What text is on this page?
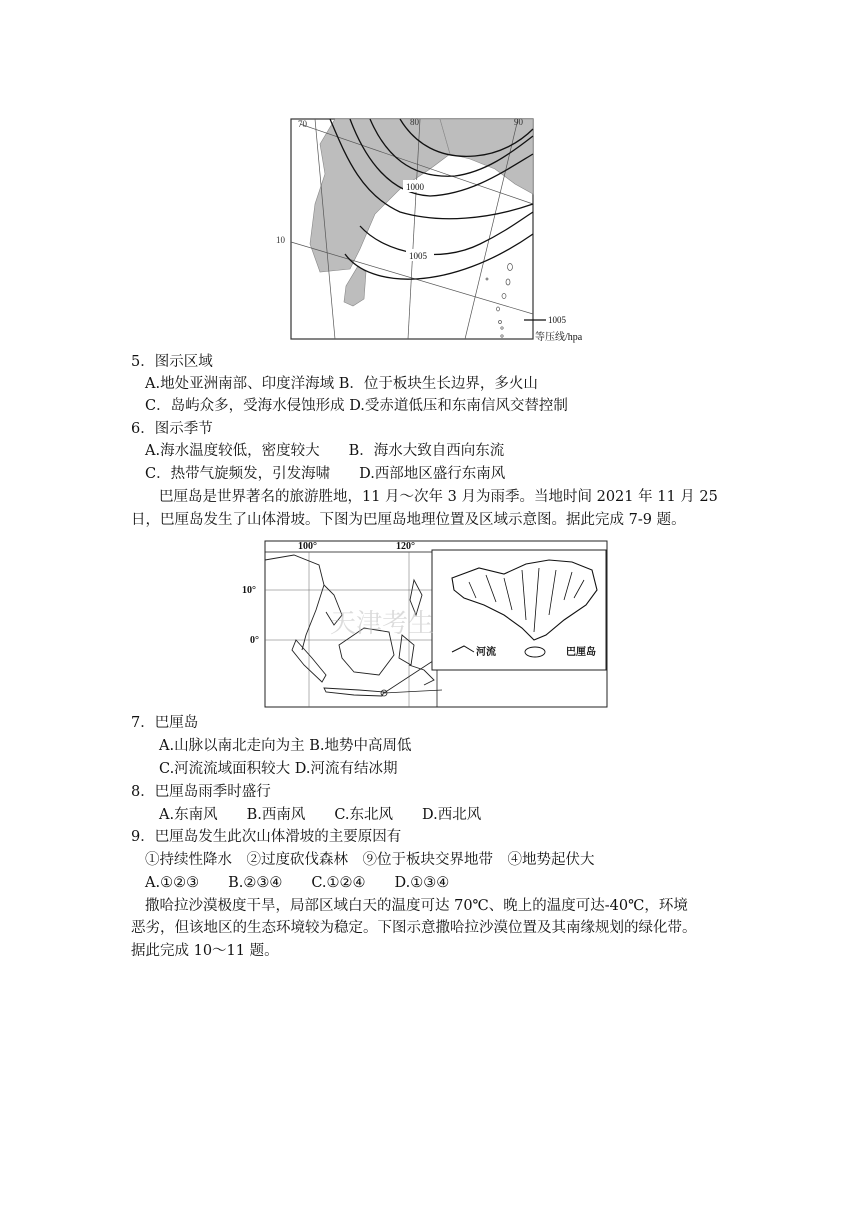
70	80	90
10
1000
1005
1005
等压线/hpa
5．图示区域
A.地处亚洲南部、印度洋海域 B．位于板块生长边界，多火山
C．岛屿众多，受海水侵蚀形成 D.受赤道低压和东南信风交替控制
6．图示季节
A.海水温度较低，密度较大　　B．海水大致自西向东流
C．热带气旋频发，引发海啸　　D.西部地区盛行东南风
巴厘岛是世界著名的旅游胜地，11 月～次年 3 月为雨季。当地时间 2021 年 11 月 25
日，巴厘岛发生了山体滑坡。下图为巴厘岛地理位置及区域示意图。据此完成 7-9 题。
河流	巴厘岛
100°	120°
10°
0°
天津考生
7．巴厘岛
A.山脉以南北走向为主 B.地势中高周低
C.河流流域面积较大 D.河流有结冰期
8．巴厘岛雨季时盛行
A.东南风　　B.西南风　　C.东北风　　D.西北风
9．巴厘岛发生此次山体滑坡的主要原因有
①持续性降水　②过度砍伐森林　⑨位于板块交界地带　④地势起伏大
A.①②③　　B.②③④　　C.①②④　　D.①③④
撒哈拉沙漠极度干旱，局部区域白天的温度可达 70℃、晚上的温度可达-40℃，环境
恶劣，但该地区的生态环境较为稳定。下图示意撒哈拉沙漠位置及其南缘规划的绿化带。
据此完成 10～11 题。
